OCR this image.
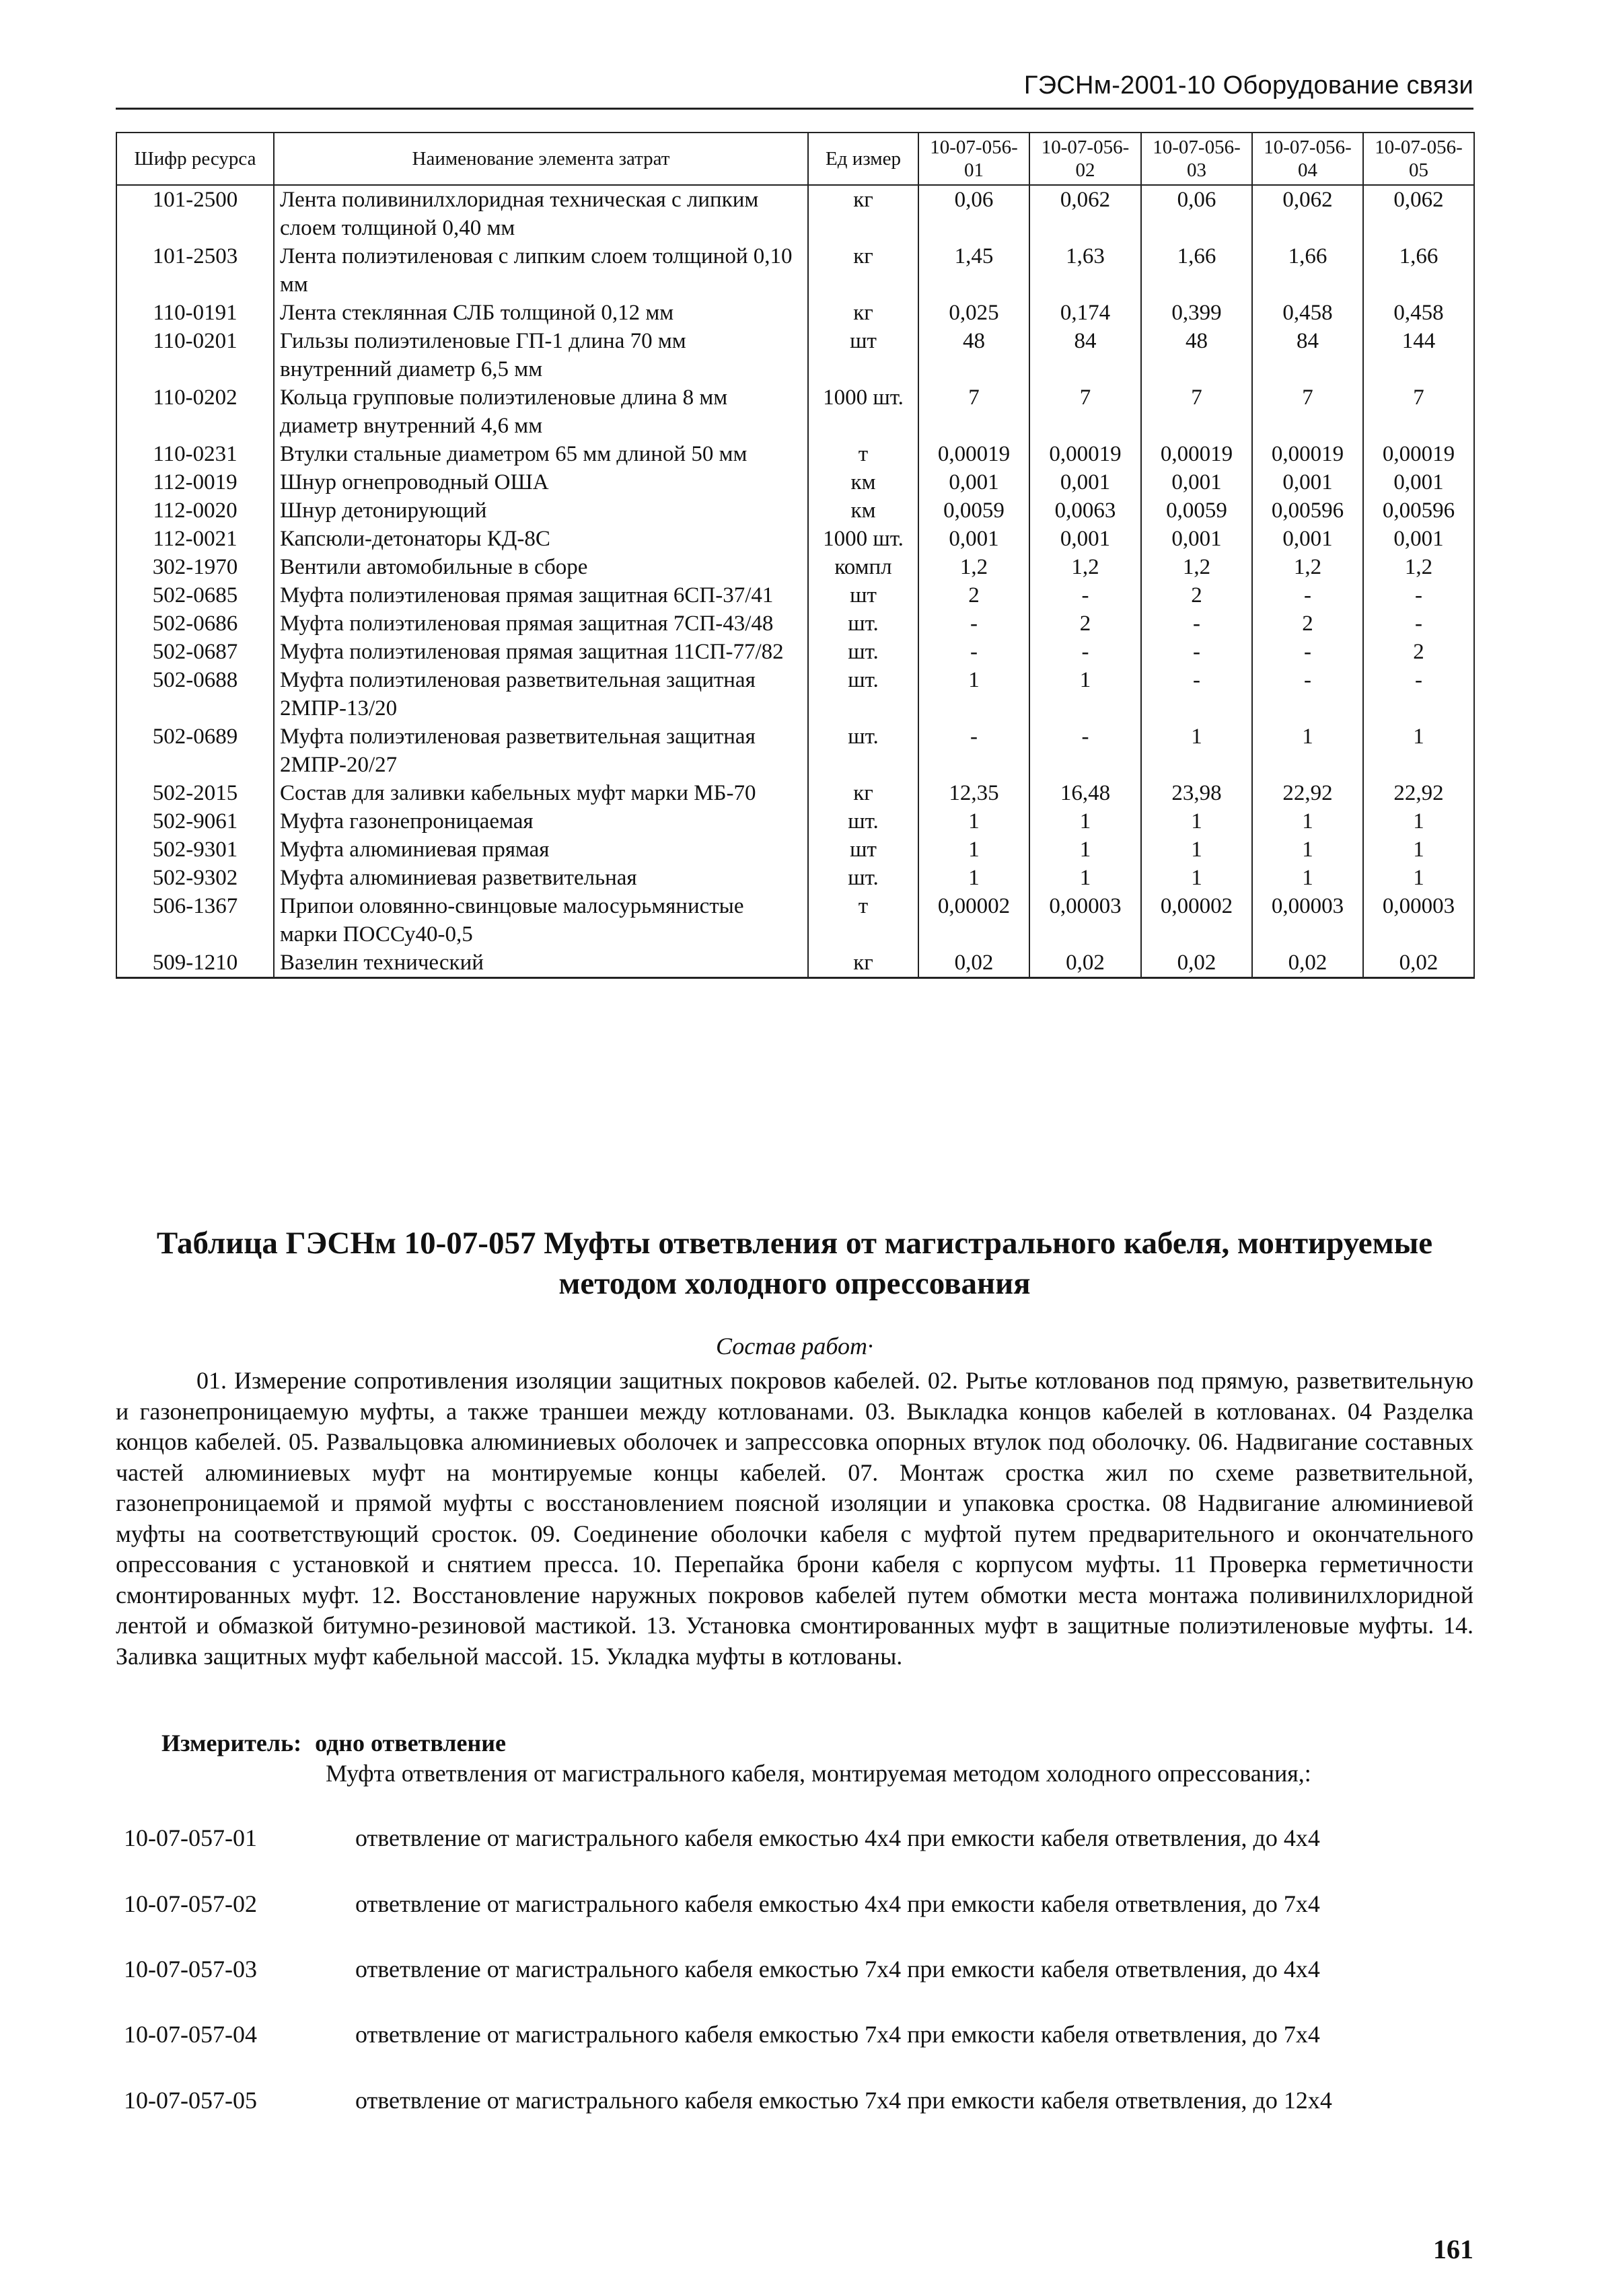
ГЭСНм-2001-10 Оборудование связи
Шифр ресурса	Наименование элемента затрат	Ед измер	10-07-056-01	10-07-056-02	10-07-056-03	10-07-056-04	10-07-056-05
101-2500	Лента поливинилхлоридная техническая с липким слоем толщиной 0,40 мм	кг	0,06	0,062	0,06	0,062	0,062
101-2503	Лента полиэтиленовая с липким слоем толщиной 0,10 мм	кг	1,45	1,63	1,66	1,66	1,66
110-0191	Лента стеклянная СЛБ толщиной 0,12 мм	кг	0,025	0,174	0,399	0,458	0,458
110-0201	Гильзы полиэтиленовые ГП-1 длина 70 мм внутренний диаметр 6,5 мм	шт	48	84	48	84	144
110-0202	Кольца групповые полиэтиленовые длина 8 мм диаметр внутренний 4,6 мм	1000 шт.	7	7	7	7	7
110-0231	Втулки стальные диаметром 65 мм длиной 50 мм	т	0,00019	0,00019	0,00019	0,00019	0,00019
112-0019	Шнур огнепроводный ОША	км	0,001	0,001	0,001	0,001	0,001
112-0020	Шнур детонирующий	км	0,0059	0,0063	0,0059	0,00596	0,00596
112-0021	Капсюли-детонаторы КД-8С	1000 шт.	0,001	0,001	0,001	0,001	0,001
302-1970	Вентили автомобильные в сборе	компл	1,2	1,2	1,2	1,2	1,2
502-0685	Муфта полиэтиленовая прямая защитная 6СП-37/41	шт	2	-	2	-	-
502-0686	Муфта полиэтиленовая прямая защитная 7СП-43/48	шт.	-	2	-	2	-
502-0687	Муфта полиэтиленовая прямая защитная 11СП-77/82	шт.	-	-	-	-	2
502-0688	Муфта полиэтиленовая разветвительная защитная 2МПР-13/20	шт.	1	1	-	-	-
502-0689	Муфта полиэтиленовая разветвительная защитная 2МПР-20/27	шт.	-	-	1	1	1
502-2015	Состав для заливки кабельных муфт марки МБ-70	кг	12,35	16,48	23,98	22,92	22,92
502-9061	Муфта газонепроницаемая	шт.	1	1	1	1	1
502-9301	Муфта алюминиевая прямая	шт	1	1	1	1	1
502-9302	Муфта алюминиевая разветвительная	шт.	1	1	1	1	1
506-1367	Припои оловянно-свинцовые малосурьмянистые марки ПОССу40-0,5	т	0,00002	0,00003	0,00002	0,00003	0,00003
509-1210	Вазелин технический	кг	0,02	0,02	0,02	0,02	0,02
Таблица ГЭСНм 10-07-057 Муфты ответвления от магистрального кабеля, монтируемые методом холодного опрессования
Состав работ·
01. Измерение сопротивления изоляции защитных покровов кабелей. 02. Рытье котлованов под прямую, разветвительную и газонепроницаемую муфты, а также траншеи между котлованами. 03. Выкладка концов кабелей в котлованах. 04 Разделка концов кабелей. 05. Развальцовка алюминиевых оболочек и запрессовка опорных втулок под оболочку. 06. Надвигание составных частей алюминиевых муфт на монтируемые концы кабелей. 07. Монтаж сростка жил по схеме разветвительной, газонепроницаемой и прямой муфты с восстановлением поясной изоляции и упаковка сростка. 08 Надвигание алюминиевой муфты на соответствующий сросток. 09. Соединение оболочки кабеля с муфтой путем предварительного и окончательного опрессования с установкой и снятием пресса. 10. Перепайка брони кабеля с корпусом муфты. 11 Проверка герметичности смонтированных муфт. 12. Восстановление наружных покровов кабелей путем обмотки места монтажа поливинилхлоридной лентой и обмазкой битумно-резиновой мастикой. 13. Установка смонтированных муфт в защитные полиэтиленовые муфты. 14. Заливка защитных муфт кабельной массой. 15. Укладка муфты в котлованы.
Измеритель: одно ответвление
Муфта ответвления от магистрального кабеля, монтируемая методом холодного опрессования,:
10-07-057-01	ответвление от магистрального кабеля емкостью 4x4 при емкости кабеля ответвления, до 4x4
10-07-057-02	ответвление от магистрального кабеля емкостью 4x4 при емкости кабеля ответвления, до 7x4
10-07-057-03	ответвление от магистрального кабеля емкостью 7x4 при емкости кабеля ответвления, до 4x4
10-07-057-04	ответвление от магистрального кабеля емкостью 7x4 при емкости кабеля ответвления, до 7x4
10-07-057-05	ответвление от магистрального кабеля емкостью 7x4 при емкости кабеля ответвления, до 12x4
161
